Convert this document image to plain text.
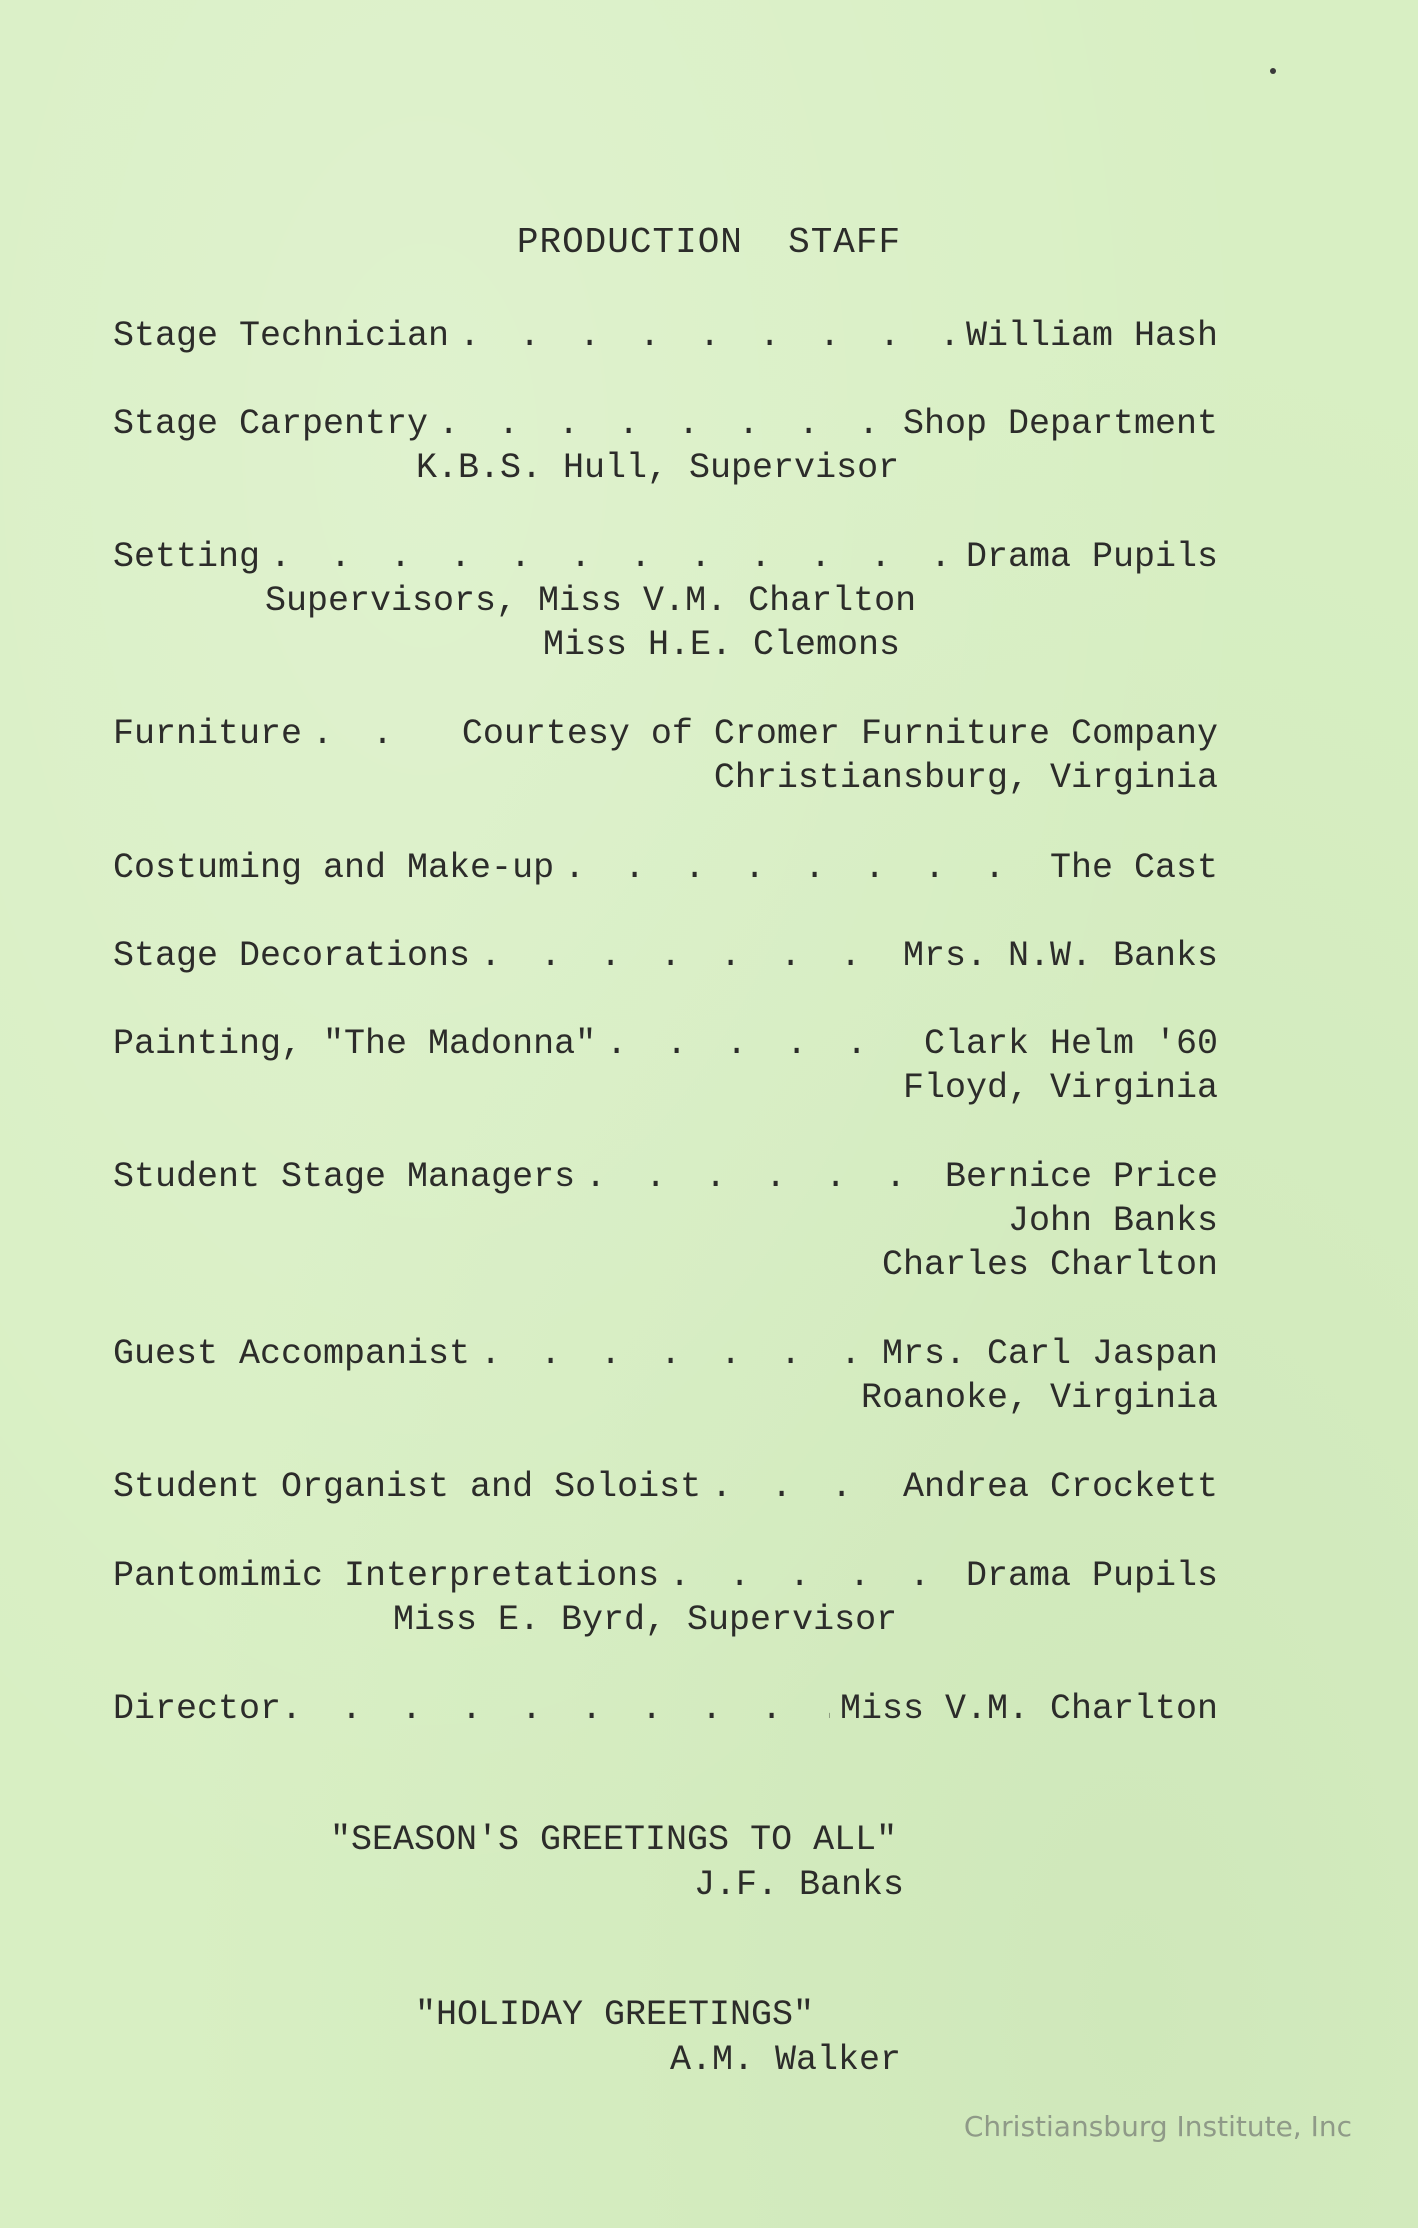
PRODUCTION  STAFF
Stage Technician . . .	William Hash
Stage Carpentry . . .	Shop Department
K.B.S. Hull, Supervisor
Setting . . .	Drama Pupils
Supervisors, Miss V.M. Charlton
Miss H.E. Clemons
Furniture . . .	Courtesy of Cromer Furniture Company
Christiansburg, Virginia
Costuming and Make-up . . .	The Cast
Stage Decorations . . .	Mrs. N.W. Banks
Painting, "The Madonna" . . .	Clark Helm '60
Floyd, Virginia
Student Stage Managers . . .	Bernice Price
John Banks
Charles Charlton
Guest Accompanist . . .	Mrs. Carl Jaspan
Roanoke, Virginia
Student Organist and Soloist . . .	Andrea Crockett
Pantomimic Interpretations . . .	Drama Pupils
Miss E. Byrd, Supervisor
Director . . .	Miss V.M. Charlton
"SEASON'S GREETINGS TO ALL"
J.F. Banks
"HOLIDAY GREETINGS"
A.M. Walker
Christiansburg Institute, Inc
